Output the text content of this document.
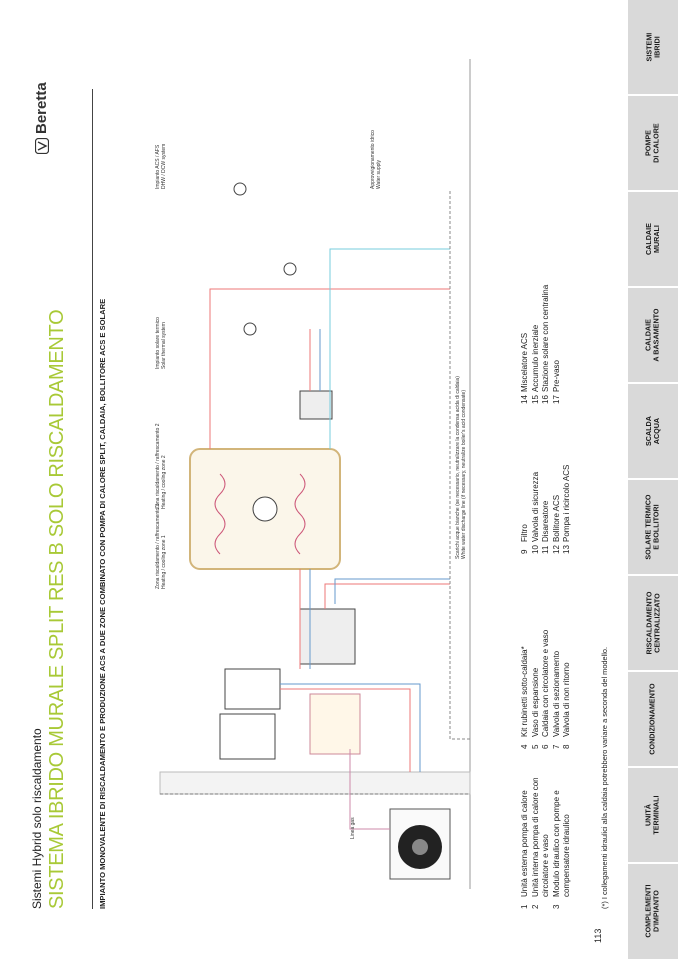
SISTEMI
IBRIDI
POMPE
DI CALORE
CALDAIE
MURALI
CALDAIE
A BASAMENTO
SCALDA
ACQUA
SOLARE TERMICO
E BOLLITORI
RISCALDAMENTO
CENTRALIZZATO
CONDIZIONAMENTO
UNITÀ
TERMINALI
COMPLEMENTI
D'IMPIANTO
Beretta
Sistemi Hybrid solo riscaldamento SISTEMA IBRIDO MURALE SPLIT RES B SOLO RISCALDAMENTO	IMPIANTO MONOVALENTE DI RISCALDAMENTO E PRODUZIONE ACS A DUE ZONE COMBINATO CON POMPA DI CALORE SPLIT, CALDAIA, BOLLITORE ACS E SOLARE	Linea gas
Zona riscaldamento / raffrescamento 1
Heating / cooling zone 1
Zona riscaldamento / raffrescamento 2
Heating / cooling zone 2
Impianto solare termico
Solar thermal system
Impianto ACS / AFS
DHW / DCW system	Approvvigionamento idrico
Water supply
Scarichi acque bianche (se necessario, neutralizzare la condensa acida di caldaia)
White water discharge line (if necessary, neutralize boiler's acid condensate)
1
Unità esterna pompa di calore
2
Unità interna pompa di calore con
circolatore e vaso
3
Modulo idraulico con pompe e
compensatore idraulico
4
Kit rubinetti sotto-caldaia*
5
Vaso di espansione
6
Caldaia con circolatore e vaso
7
Valvola di sezionamento
8
Valvola di non ritorno
9
Filtro
10
Valvola di sicurezza
11
Disareatore
12
Bollitore ACS
13
Pompa i ricircolo ACS
14
Miscelatore ACS
15
Accumulo inerziale
16
Stazione solare con centralina
17
Pre-vaso
(*) I collegamenti idraulici alla caldaia potrebbero variare a seconda del modello.
113
